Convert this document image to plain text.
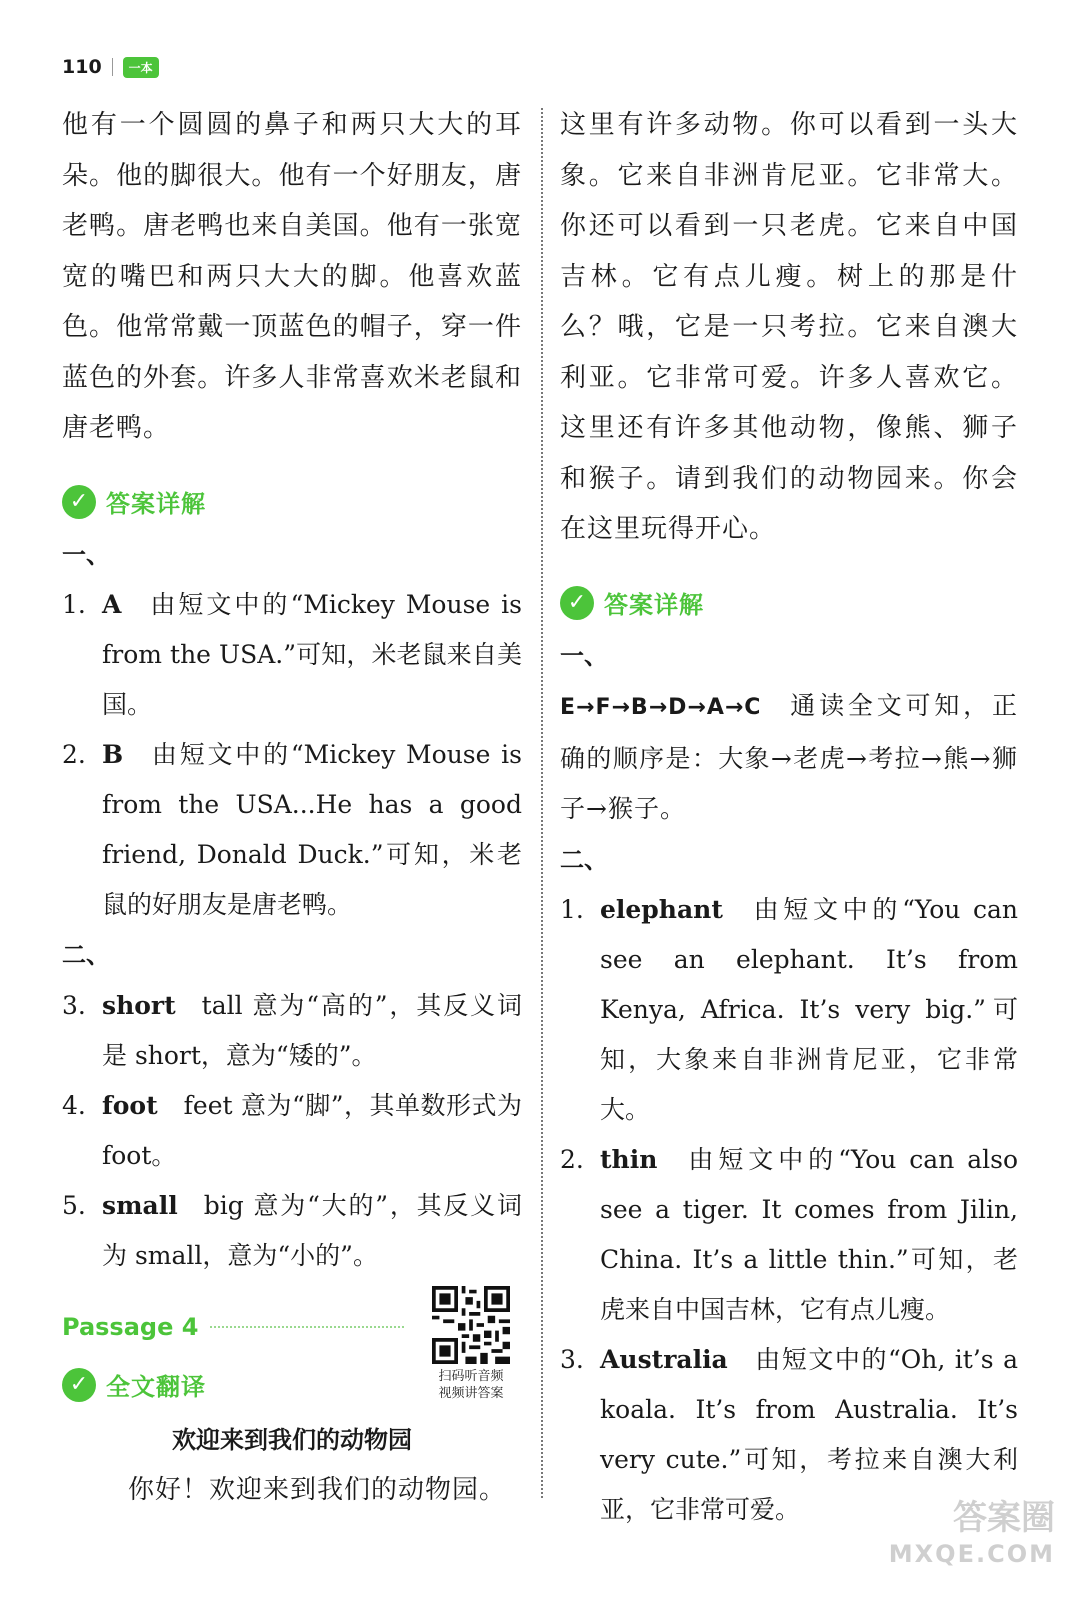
110	一本

他有一个圆圆的鼻子和两只大大的耳朵。他的脚很大。他有一个好朋友，唐老鸭。唐老鸭也来自美国。他有一张宽宽的嘴巴和两只大大的脚。他喜欢蓝色。他常常戴一顶蓝色的帽子，穿一件蓝色的外套。许多人非常喜欢米老鼠和唐老鸭。

✓ 答案详解

一、

1. A 由短文中的“Mickey Mouse is from the USA.”可知，米老鼠来自美国。
2. B 由短文中的“Mickey Mouse is from the USA...He has a good friend, Donald Duck.”可知，米老鼠的好朋友是唐老鸭。

二、

3. short tall 意为“高的”，其反义词是 short，意为“矮的”。
4. foot feet 意为“脚”，其单数形式为 foot。
5. small big 意为“大的”，其反义词为 small，意为“小的”。
Passage 4
✓ 全文翻译

欢迎来到我们的动物园

你好！欢迎来到我们的动物园。

扫码听音频
视频讲答案

这里有许多动物。你可以看到一头大象。它来自非洲肯尼亚。它非常大。你还可以看到一只老虎。它来自中国吉林。它有点儿瘦。树上的那是什么？哦，它是一只考拉。它来自澳大利亚。它非常可爱。许多人喜欢它。这里还有许多其他动物，像熊、狮子和猴子。请到我们的动物园来。你会在这里玩得开心。

✓ 答案详解

一、

E→F→B→D→A→C 通读全文可知，正确的顺序是：大象→老虎→考拉→熊→狮子→猴子。

二、

1. elephant 由短文中的“You can see an elephant. It’s from Kenya, Africa. It’s very big.”可知，大象来自非洲肯尼亚，它非常大。
2. thin 由短文中的“You can also see a tiger. It comes from Jilin, China. It’s a little thin.”可知，老虎来自中国吉林，它有点儿瘦。
3. Australia 由短文中的“Oh, it’s a koala. It’s from Australia. It’s very cute.”可知，考拉来自澳大利亚，它非常可爱。	答案圈
MXQE.COM
